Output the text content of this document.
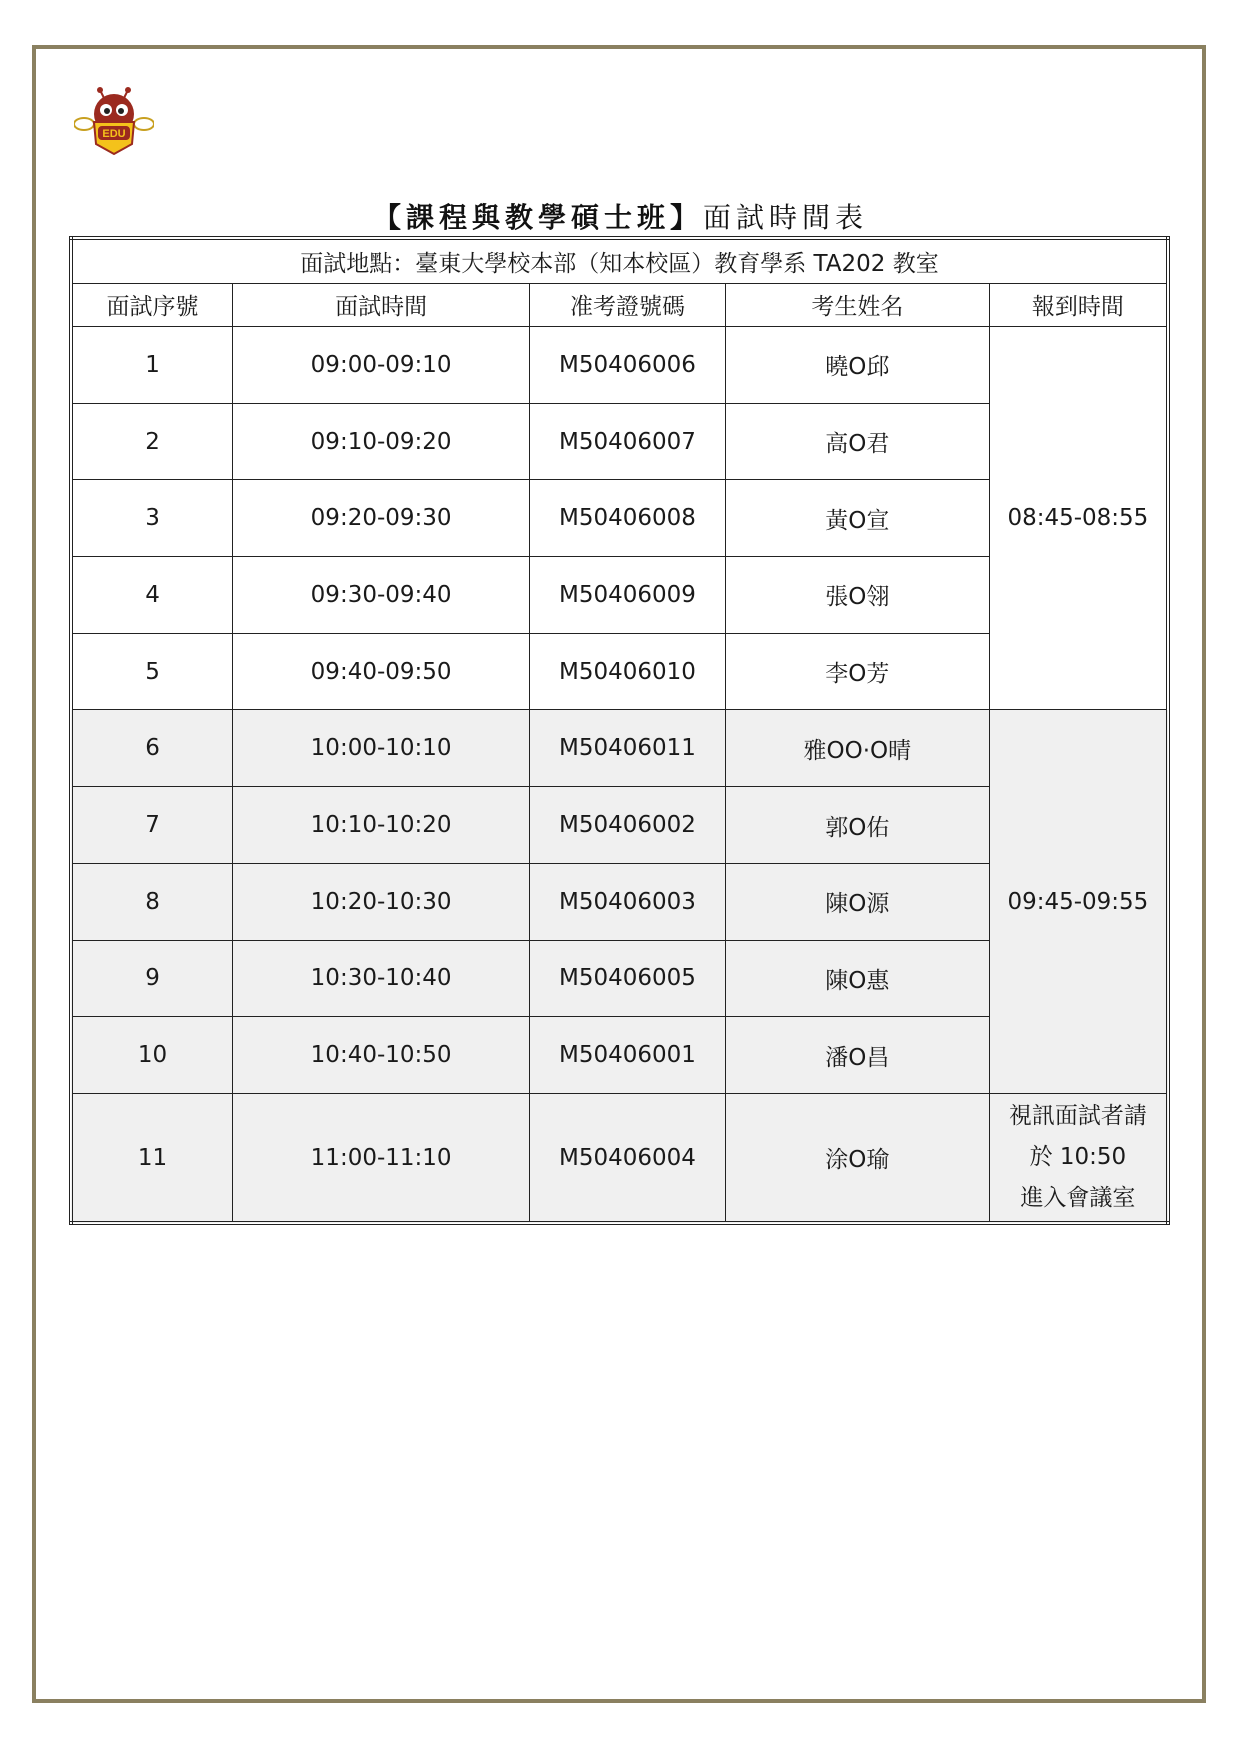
EDU
【課程與教學碩士班】面試時間表
面試地點：臺東大學校本部（知本校區）教育學系 TA202 教室				
面試序號	面試時間	准考證號碼	考生姓名	報到時間
1	09:00-09:10	M50406006	曉O邱	08:45-08:55
2	09:10-09:20	M50406007	高O君	
3	09:20-09:30	M50406008	黃O宣	
4	09:30-09:40	M50406009	張O翎	
5	09:40-09:50	M50406010	李O芳	
6	10:00-10:10	M50406011	雅OO·O晴	09:45-09:55
7	10:10-10:20	M50406002	郭O佑	
8	10:20-10:30	M50406003	陳O源	
9	10:30-10:40	M50406005	陳O惠	
10	10:40-10:50	M50406001	潘O昌	
11	11:00-11:10	M50406004	涂O瑜	視訊面試者請
於 10:50
進入會議室
